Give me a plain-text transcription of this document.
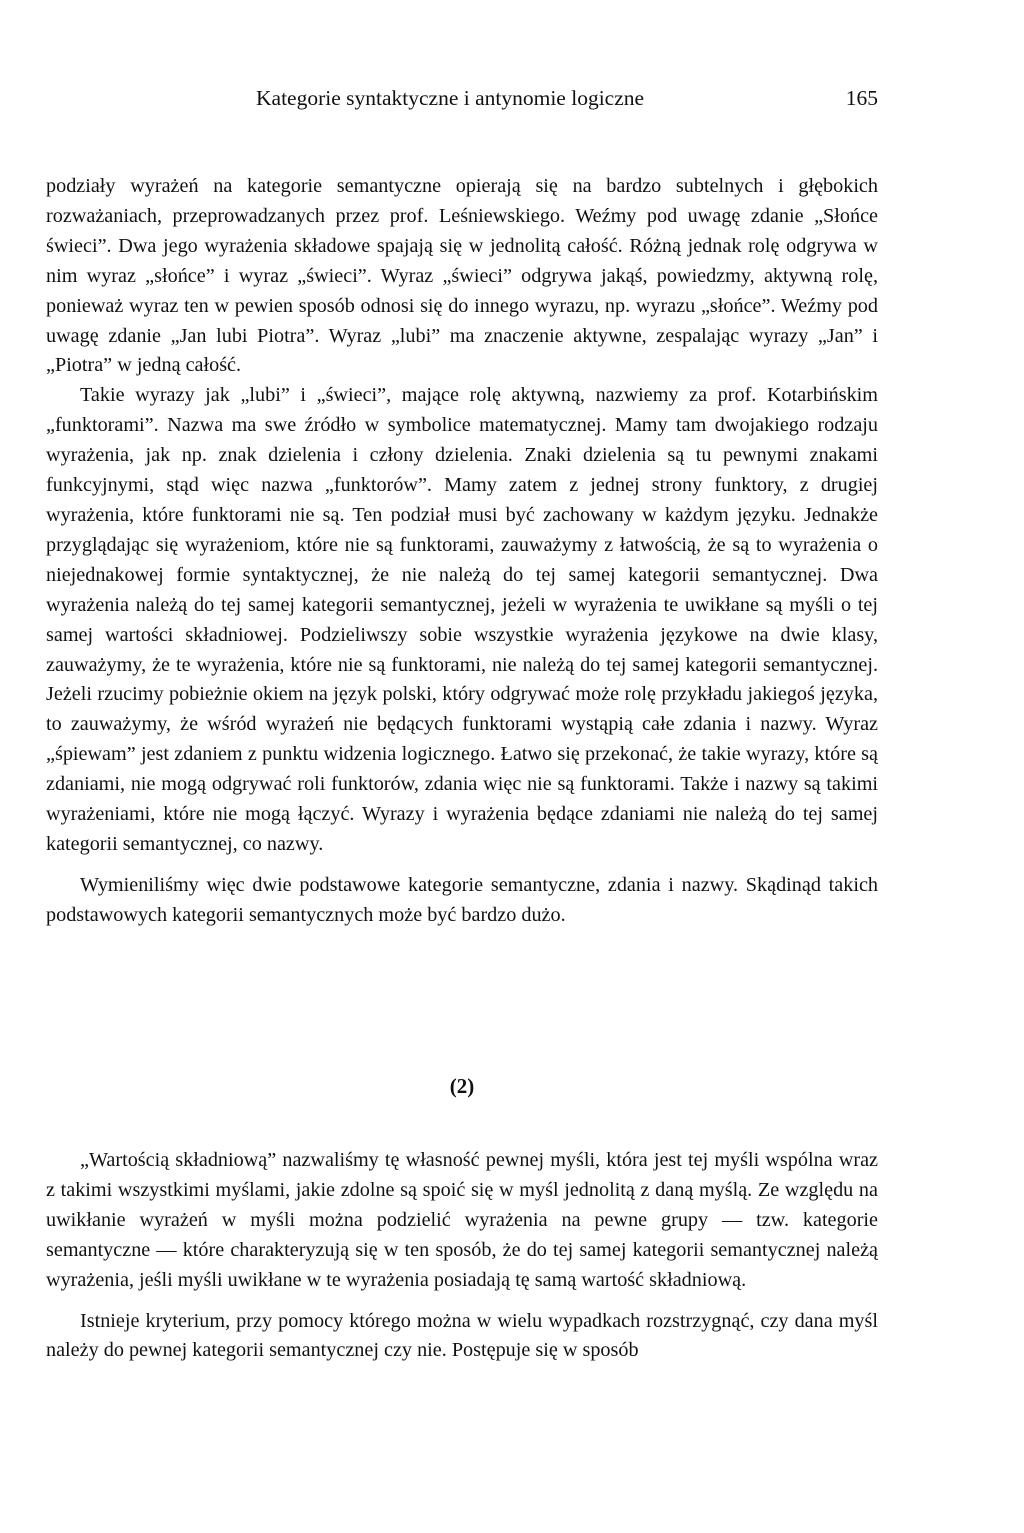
Kategorie syntaktyczne i antynomie logiczne	165

podziały wyrażeń na kategorie semantyczne opierają się na bardzo subtelnych i głębokich rozważaniach, przeprowadzanych przez prof. Leśniewskiego. Weźmy pod uwagę zdanie „Słońce świeci”. Dwa jego wyrażenia składowe spajają się w jednolitą całość. Różną jednak rolę odgrywa w nim wyraz „słońce” i wyraz „świeci”. Wyraz „świeci” odgrywa jakąś, powiedzmy, aktywną rolę, ponieważ wyraz ten w pewien sposób odnosi się do innego wyrazu, np. wyrazu „słońce”. Weźmy pod uwagę zdanie „Jan lubi Piotra”. Wyraz „lubi” ma znaczenie aktywne, zespalając wyrazy „Jan” i „Piotra” w jedną całość.

Takie wyrazy jak „lubi” i „świeci”, mające rolę aktywną, nazwiemy za prof. Kotarbińskim „funktorami”. Nazwa ma swe źródło w symbolice matematycznej. Mamy tam dwojakiego rodzaju wyrażenia, jak np. znak dzielenia i człony dzielenia. Znaki dzielenia są tu pewnymi znakami funkcyjnymi, stąd więc nazwa „funktorów”. Mamy zatem z jednej strony funktory, z drugiej wyrażenia, które funktorami nie są. Ten podział musi być zachowany w każdym języku. Jednakże przyglądając się wyrażeniom, które nie są funktorami, zauważymy z łatwością, że są to wyrażenia o niejednakowej formie syntaktycznej, że nie należą do tej samej kategorii semantycznej. Dwa wyrażenia należą do tej samej kategorii semantycznej, jeżeli w wyrażenia te uwikłane są myśli o tej samej wartości składniowej. Podzieliwszy sobie wszystkie wyrażenia językowe na dwie klasy, zauważymy, że te wyrażenia, które nie są funktorami, nie należą do tej samej kategorii semantycznej. Jeżeli rzucimy pobieżnie okiem na język polski, który odgrywać może rolę przykładu jakiegoś języka, to zauważymy, że wśród wyrażeń nie będących funktorami wystąpią całe zdania i nazwy. Wyraz „śpiewam” jest zdaniem z punktu widzenia logicznego. Łatwo się przekonać, że takie wyrazy, które są zdaniami, nie mogą odgrywać roli funktorów, zdania więc nie są funktorami. Także i nazwy są takimi wyrażeniami, które nie mogą łączyć. Wyrazy i wyrażenia będące zdaniami nie należą do tej samej kategorii semantycznej, co nazwy.

Wymieniliśmy więc dwie podstawowe kategorie semantyczne, zdania i nazwy. Skądinąd takich podstawowych kategorii semantycznych może być bardzo dużo.

(2)

„Wartością składniową” nazwaliśmy tę własność pewnej myśli, która jest tej myśli wspólna wraz z takimi wszystkimi myślami, jakie zdolne są spoić się w myśl jednolitą z daną myślą. Ze względu na uwikłanie wyrażeń w myśli można podzielić wyrażenia na pewne grupy — tzw. kategorie semantyczne — które charakteryzują się w ten sposób, że do tej samej kategorii semantycznej należą wyrażenia, jeśli myśli uwikłane w te wyrażenia posiadają tę samą wartość składniową.

Istnieje kryterium, przy pomocy którego można w wielu wypadkach rozstrzygnąć, czy dana myśl należy do pewnej kategorii semantycznej czy nie. Postępuje się w sposób
